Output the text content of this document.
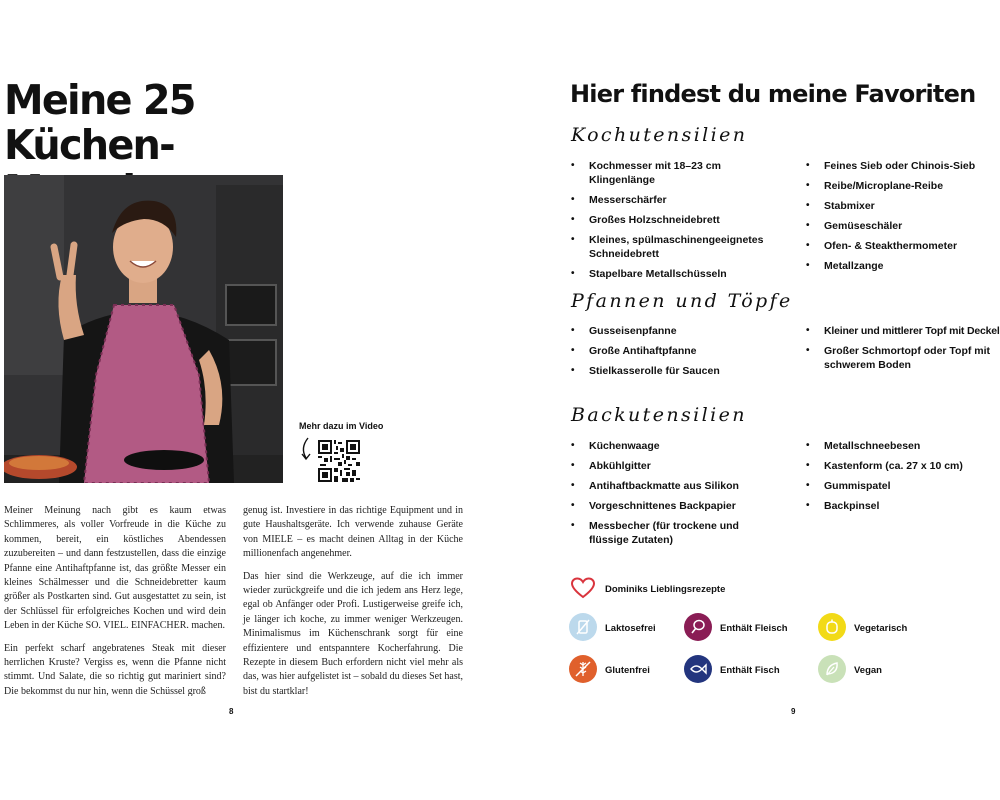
Meine 25 Küchen-
Mehr dazu im Video

Meiner Meinung nach gibt es kaum etwas Schlimmeres, als voller Vorfreude in die Küche zu kommen, bereit, ein köstliches Abendessen zuzubereiten – und dann festzustellen, dass die einzige Pfanne eine Antihaftpfanne ist, das größte Messer ein kleines Schälmesser und die Schneidebretter kaum größer als Postkarten sind. Gut ausgestattet zu sein, ist der Schlüssel für erfolgreiches Kochen und wird dein Leben in der Küche SO. VIEL. EINFACHER. machen.

Ein perfekt scharf angebratenes Steak mit dieser herrlichen Kruste? Vergiss es, wenn die Pfanne nicht stimmt. Und Salate, die so richtig gut mariniert sind? Die bekommst du nur hin, wenn die Schüssel groß

genug ist. Investiere in das richtige Equipment und in gute Haushaltsgeräte. Ich verwende zuhause Geräte von MIELE – es macht deinen Alltag in der Küche millionenfach angenehmer.

Das hier sind die Werkzeuge, auf die ich immer wieder zurückgreife und die ich jedem ans Herz lege, egal ob Anfänger oder Profi. Lustigerweise greife ich, je länger ich koche, zu immer weniger Werkzeugen. Minimalismus im Küchenschrank sorgt für eine effizientere und entspanntere Kocherfahrung. Die Rezepte in diesem Buch erfordern nicht viel mehr als das, was hier aufgelistet ist – sobald du dieses Set hast, bist du startklar!

8
Hier findest du meine Favoriten
Kochutensilien
• Kochmesser mit 18–23 cm Klingenlänge
• Messerschärfer
• Großes Holzschneidebrett
• Kleines, spülmaschinengeeignetes Schneidebrett
• Stapelbare Metallschüsseln
• Feines Sieb oder Chinois-Sieb
• Reibe/Microplane-Reibe
• Stabmixer
• Gemüseschäler
• Ofen- & Steakthermometer
• Metallzange
Pfannen und Töpfe
• Gusseisenpfanne
• Große Antihaftpfanne
• Stielkasserolle für Saucen
• Kleiner und mittlerer Topf mit Deckel
• Großer Schmortopf oder Topf mit schwerem Boden
Backutensilien
• Küchenwaage
• Abkühlgitter
• Antihaftbackmatte aus Silikon
• Vorgeschnittenes Backpapier
• Messbecher (für trockene und flüssige Zutaten)
• Metallschneebesen
• Kastenform (ca. 27 x 10 cm)
• Gummispatel
• Backpinsel
Dominiks Lieblingsrezepte
Laktosefrei	Enthält Fleisch	Vegetarisch
Glutenfrei	Enthält Fisch	Vegan
9
